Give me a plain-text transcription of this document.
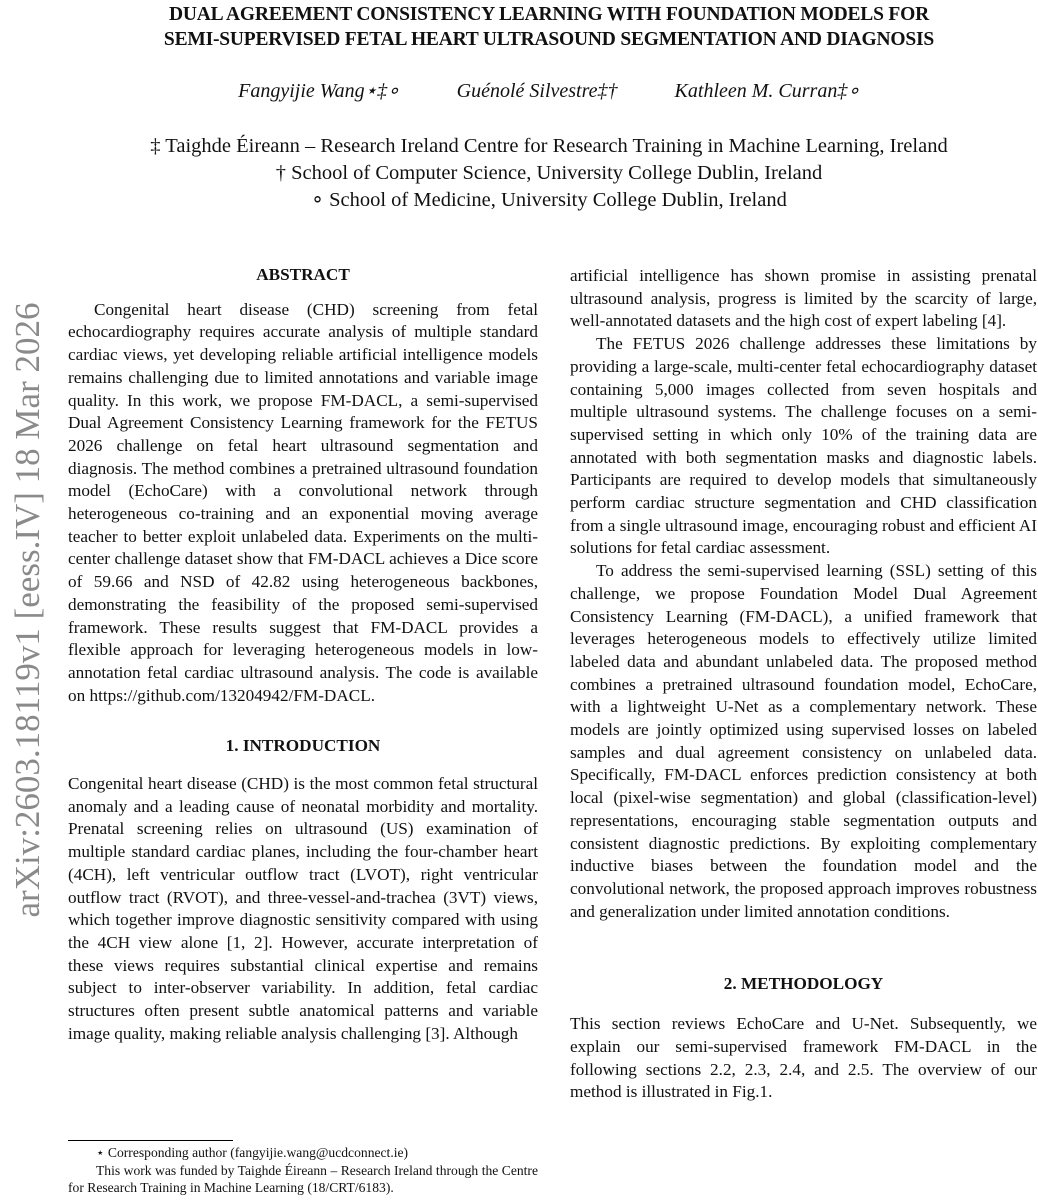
DUAL AGREEMENT CONSISTENCY LEARNING WITH FOUNDATION MODELS FOR
SEMI-SUPERVISED FETAL HEART ULTRASOUND SEGMENTATION AND DIAGNOSIS
Fangyijie Wang⋆‡∘	Guénolé Silvestre‡†	Kathleen M. Curran‡∘
‡ Taighde Éireann – Research Ireland Centre for Research Training in Machine Learning, Ireland
† School of Computer Science, University College Dublin, Ireland
∘ School of Medicine, University College Dublin, Ireland
arXiv:2603.18119v1 [eess.IV] 18 Mar 2026
ABSTRACT

Congenital heart disease (CHD) screening from fetal echocardiography requires accurate analysis of multiple standard cardiac views, yet developing reliable artificial intelligence models remains challenging due to limited annotations and variable image quality. In this work, we propose FM-DACL, a semi-supervised Dual Agreement Consistency Learning framework for the FETUS 2026 challenge on fetal heart ultrasound segmentation and diagnosis. The method combines a pretrained ultrasound foundation model (EchoCare) with a convolutional network through heterogeneous co-training and an exponential moving average teacher to better exploit unlabeled data. Experiments on the multi-center challenge dataset show that FM-DACL achieves a Dice score of 59.66 and NSD of 42.82 using heterogeneous backbones, demonstrating the feasibility of the proposed semi-supervised framework. These results suggest that FM-DACL provides a flexible approach for leveraging heterogeneous models in low-annotation fetal cardiac ultrasound analysis. The code is available on https://github.com/13204942/FM-DACL.

1. INTRODUCTION

Congenital heart disease (CHD) is the most common fetal structural anomaly and a leading cause of neonatal morbidity and mortality. Prenatal screening relies on ultrasound (US) examination of multiple standard cardiac planes, including the four-chamber heart (4CH), left ventricular outflow tract (LVOT), right ventricular outflow tract (RVOT), and three-vessel-and-trachea (3VT) views, which together improve diagnostic sensitivity compared with using the 4CH view alone [1, 2]. However, accurate interpretation of these views requires substantial clinical expertise and remains subject to inter-observer variability. In addition, fetal cardiac structures often present subtle anatomical patterns and variable image quality, making reliable analysis challenging [3]. Although

artificial intelligence has shown promise in assisting prenatal ultrasound analysis, progress is limited by the scarcity of large, well-annotated datasets and the high cost of expert labeling [4].

The FETUS 2026 challenge addresses these limitations by providing a large-scale, multi-center fetal echocardiography dataset containing 5,000 images collected from seven hospitals and multiple ultrasound systems. The challenge focuses on a semi-supervised setting in which only 10% of the training data are annotated with both segmentation masks and diagnostic labels. Participants are required to develop models that simultaneously perform cardiac structure segmentation and CHD classification from a single ultrasound image, encouraging robust and efficient AI solutions for fetal cardiac assessment.

To address the semi-supervised learning (SSL) setting of this challenge, we propose Foundation Model Dual Agreement Consistency Learning (FM-DACL), a unified framework that leverages heterogeneous models to effectively utilize limited labeled data and abundant unlabeled data. The proposed method combines a pretrained ultrasound foundation model, EchoCare, with a lightweight U-Net as a complementary network. These models are jointly optimized using supervised losses on labeled samples and dual agreement consistency on unlabeled data. Specifically, FM-DACL enforces prediction consistency at both local (pixel-wise segmentation) and global (classification-level) representations, encouraging stable segmentation outputs and consistent diagnostic predictions. By exploiting complementary inductive biases between the foundation model and the convolutional network, the proposed approach improves robustness and generalization under limited annotation conditions.

2. METHODOLOGY

This section reviews EchoCare and U-Net. Subsequently, we explain our semi-supervised framework FM-DACL in the following sections 2.2, 2.3, 2.4, and 2.5. The overview of our method is illustrated in Fig.1.

⋆ Corresponding author (fangyijie.wang@ucdconnect.ie)

This work was funded by Taighde Éireann – Research Ireland through the Centre for Research Training in Machine Learning (18/CRT/6183).
